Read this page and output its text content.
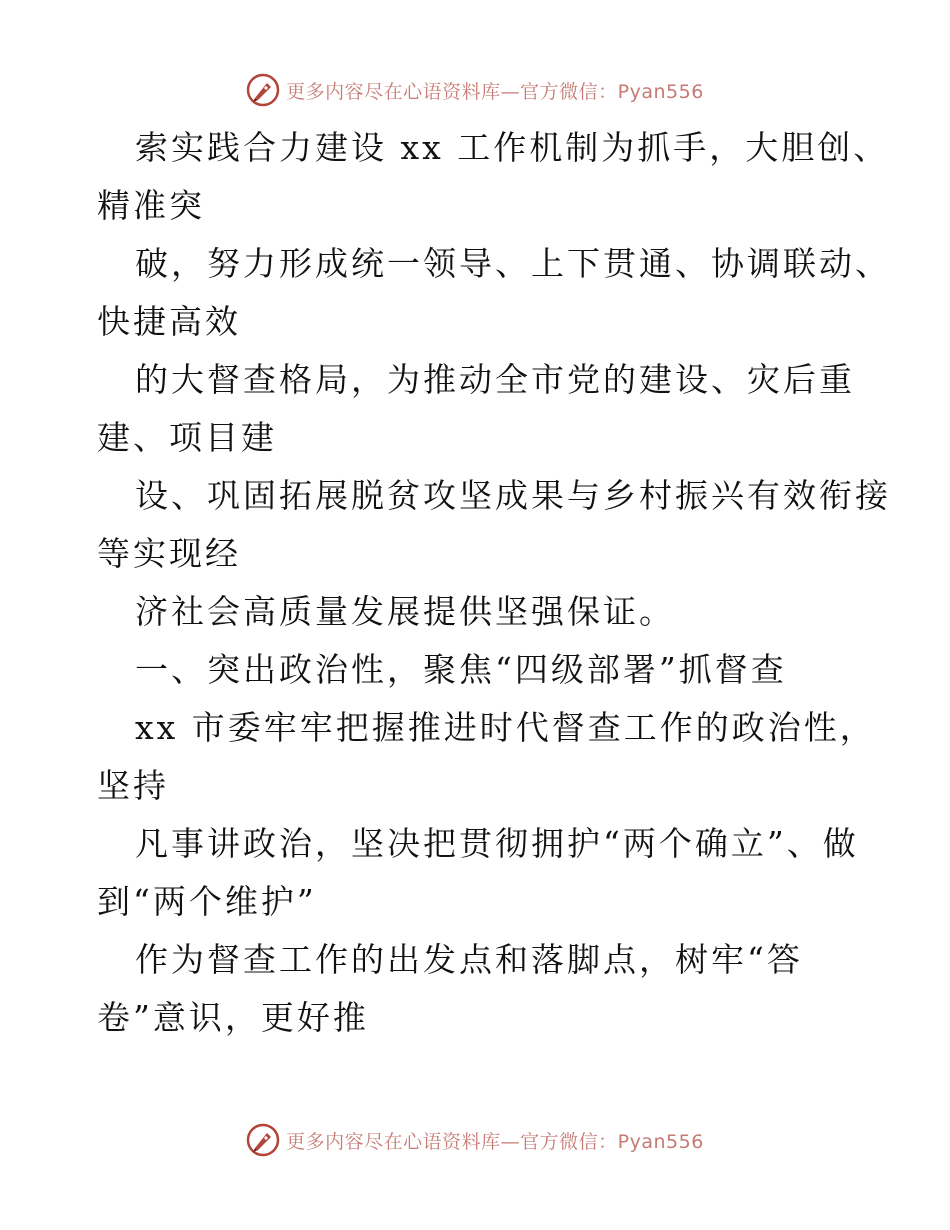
更多内容尽在心语资料库—官方微信：Pyan556
索实践合力建设 xx 工作机制为抓手，大胆创、
精准突
破，努力形成统一领导、上下贯通、协调联动、
快捷高效
的大督查格局，为推动全市党的建设、灾后重
建、项目建
设、巩固拓展脱贫攻坚成果与乡村振兴有效衔接
等实现经
济社会高质量发展提供坚强保证。
一、突出政治性，聚焦“四级部署”抓督查
xx 市委牢牢把握推进时代督查工作的政治性，
坚持
凡事讲政治，坚决把贯彻拥护“两个确立”、做
到“两个维护”
作为督查工作的出发点和落脚点，树牢“答
卷”意识，更好推
更多内容尽在心语资料库—官方微信：Pyan556
